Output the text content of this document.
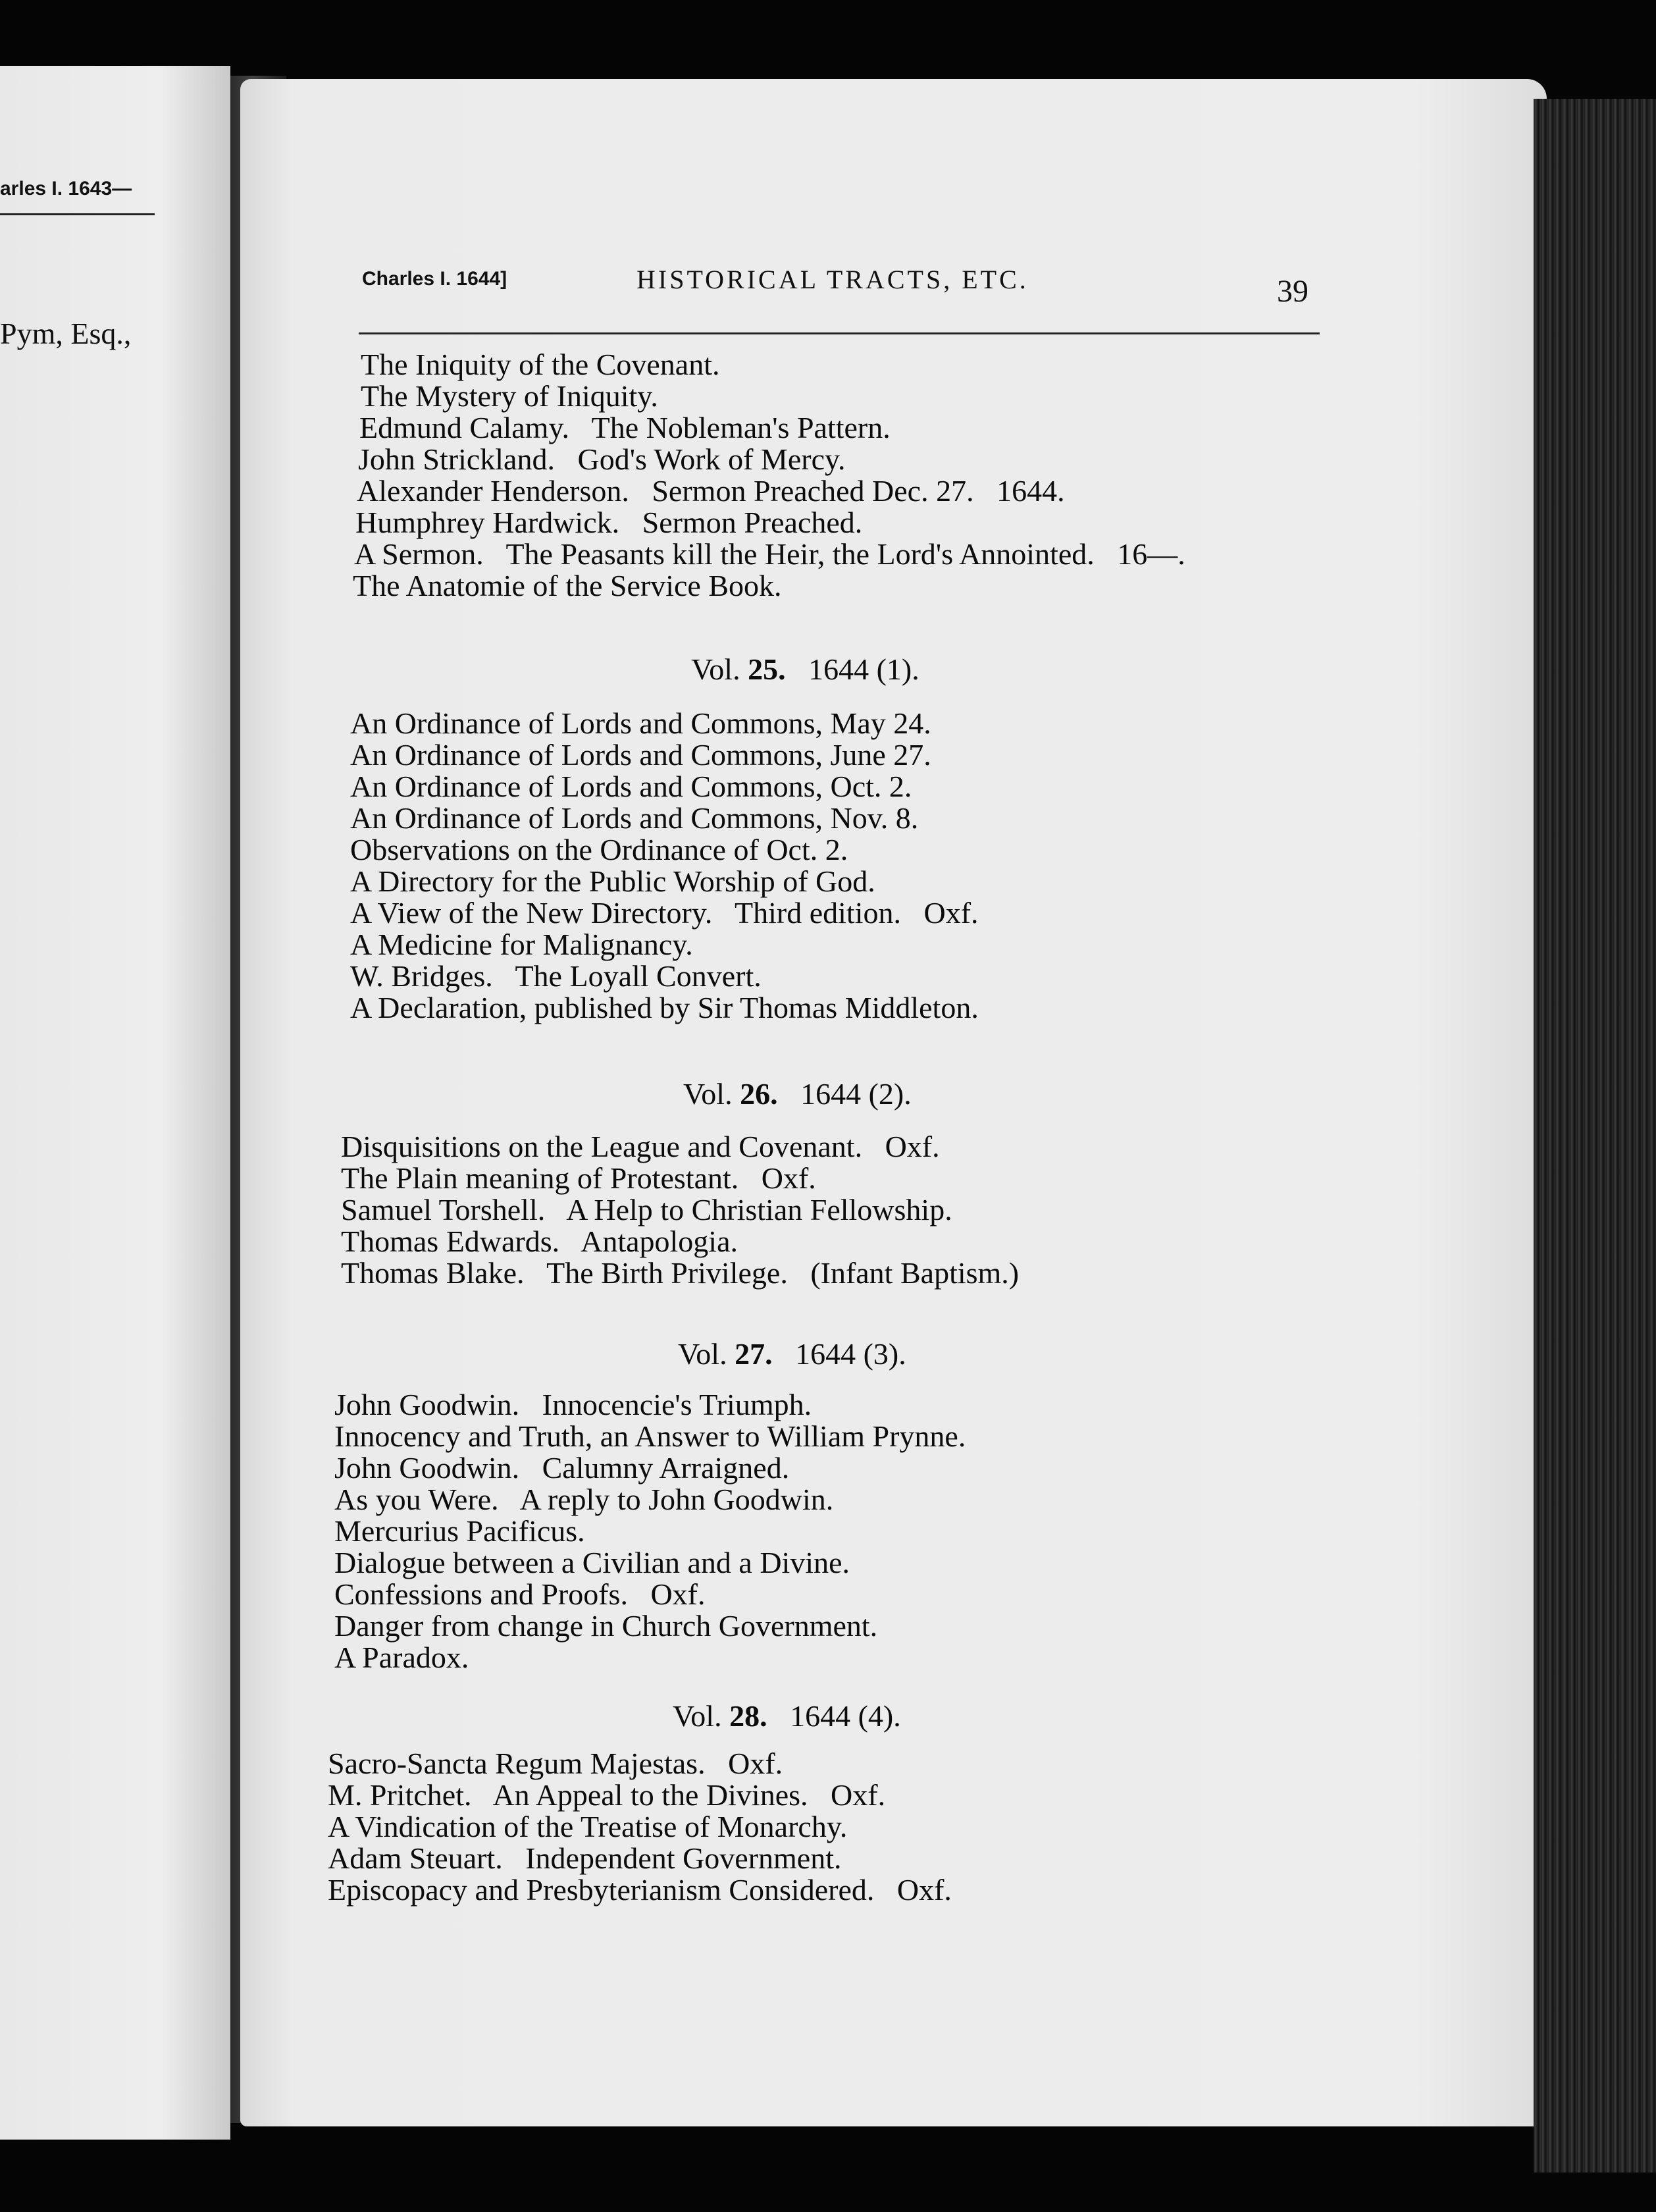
arles I. 1643—
Pym, Esq.,
Charles I. 1644]	HISTORICAL TRACTS, ETC.	39
The Iniquity of the Covenant.
The Mystery of Iniquity.
Edmund Calamy.   The Nobleman's Pattern.
John Strickland.   God's Work of Mercy.
Alexander Henderson.   Sermon Preached Dec. 27.   1644.
Humphrey Hardwick.   Sermon Preached.
A Sermon.   The Peasants kill the Heir, the Lord's Annointed.   16—.
The Anatomie of the Service Book.
Vol. 25. 1644 (1).
An Ordinance of Lords and Commons, May 24.
An Ordinance of Lords and Commons, June 27.
An Ordinance of Lords and Commons, Oct. 2.
An Ordinance of Lords and Commons, Nov. 8.
Observations on the Ordinance of Oct. 2.
A Directory for the Public Worship of God.
A View of the New Directory.   Third edition.   Oxf.
A Medicine for Malignancy.
W. Bridges.   The Loyall Convert.
A Declaration, published by Sir Thomas Middleton.
Vol. 26. 1644 (2).
Disquisitions on the League and Covenant.   Oxf.
The Plain meaning of Protestant.   Oxf.
Samuel Torshell.   A Help to Christian Fellowship.
Thomas Edwards.   Antapologia.
Thomas Blake.   The Birth Privilege.   (Infant Baptism.)
Vol. 27. 1644 (3).
John Goodwin.   Innocencie's Triumph.
Innocency and Truth, an Answer to William Prynne.
John Goodwin.   Calumny Arraigned.
As you Were.   A reply to John Goodwin.
Mercurius Pacificus.
Dialogue between a Civilian and a Divine.
Confessions and Proofs.   Oxf.
Danger from change in Church Government.
A Paradox.
Vol. 28. 1644 (4).
Sacro-Sancta Regum Majestas.   Oxf.
M. Pritchet.   An Appeal to the Divines.   Oxf.
A Vindication of the Treatise of Monarchy.
Adam Steuart.   Independent Government.
Episcopacy and Presbyterianism Considered.   Oxf.
